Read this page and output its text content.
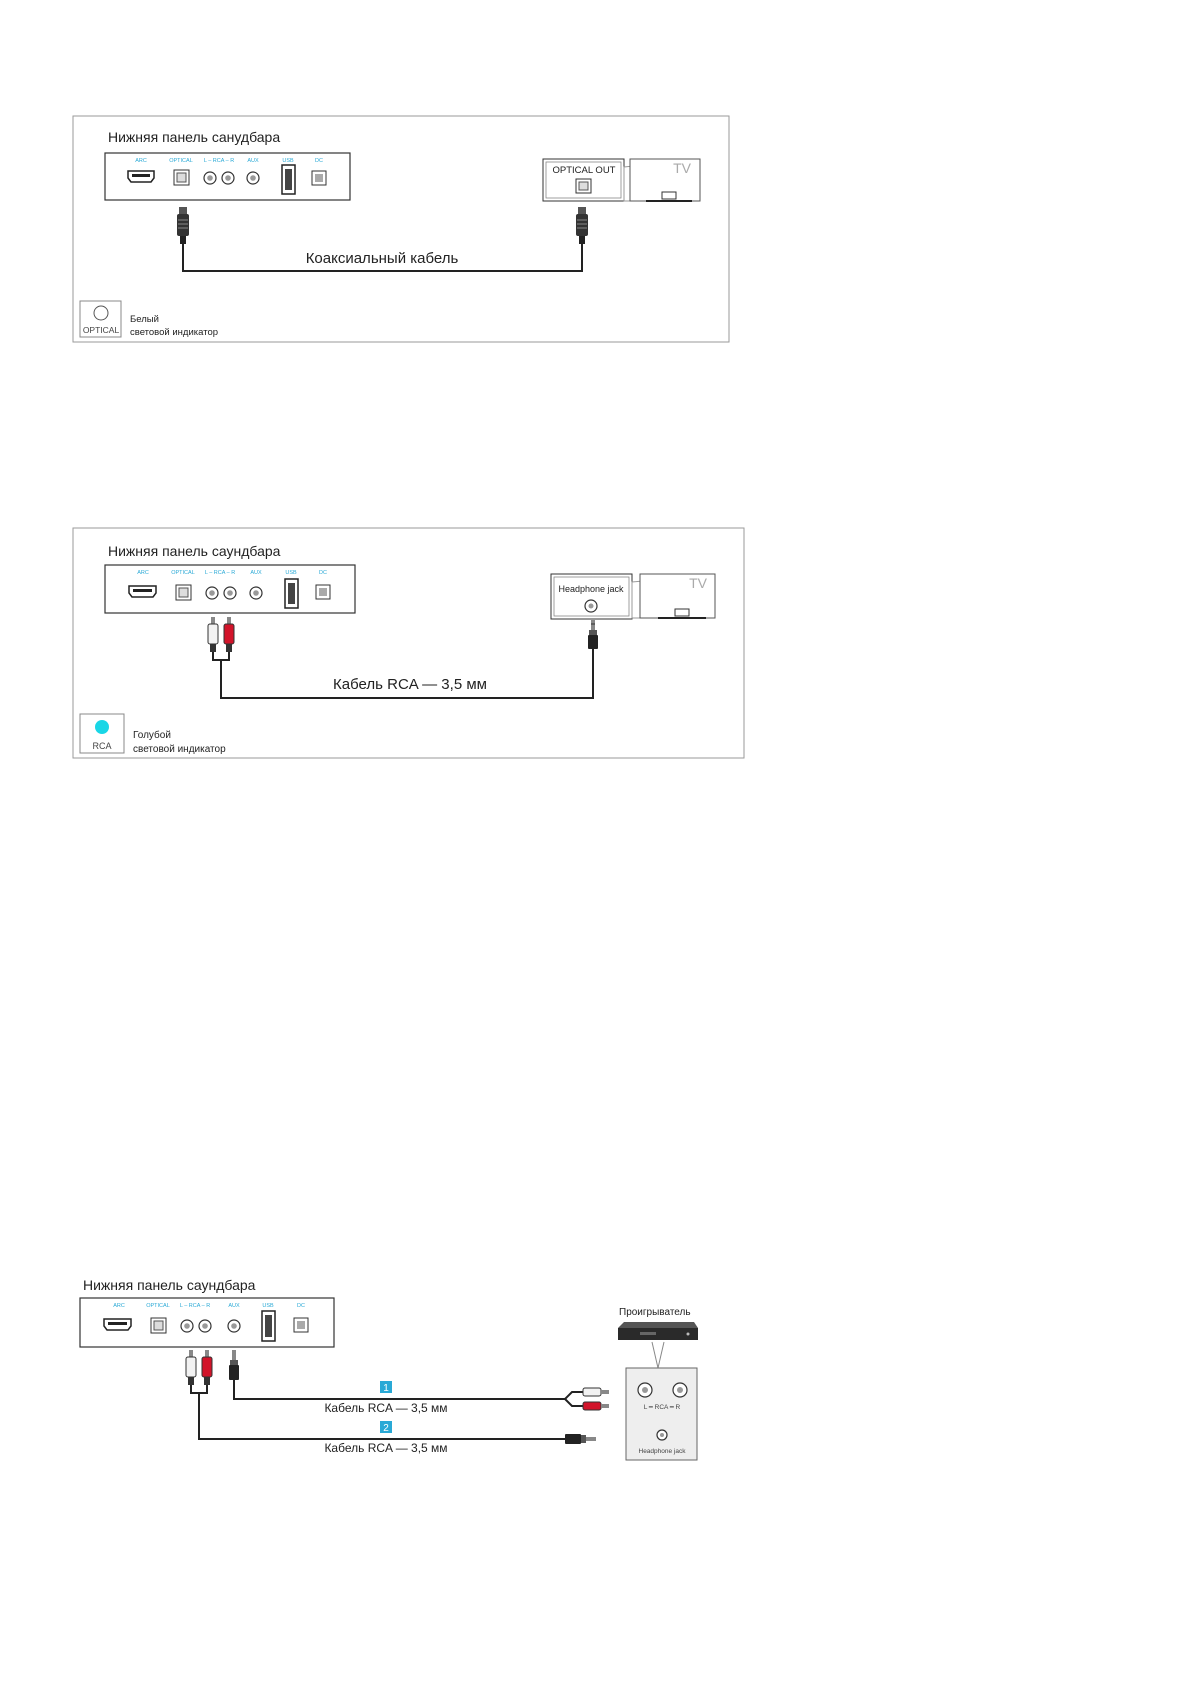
Нижняя панель санудбара
ARC	OPTICAL L – RCA – R AUX	USB	DC
Коаксиальный кабель
OPTICAL OUT	TV
OPTICAL
Белый
световой индикатор
Нижняя панель саундбара
ARC	OPTICAL L – RCA – R	AUX	USB	DC
Кабель RCA — 3,5 мм
Headphone jack	TV
RCA
Голубой
световой индикатор
Нижняя панель саундбара
ARC	OPTICAL L – RCA – R	AUX	USB	DC
1
Кабель RCA — 3,5 мм
2
Кабель RCA — 3,5 мм
Проигрыватель
L ━ RCA ━ R
Headphone jack
